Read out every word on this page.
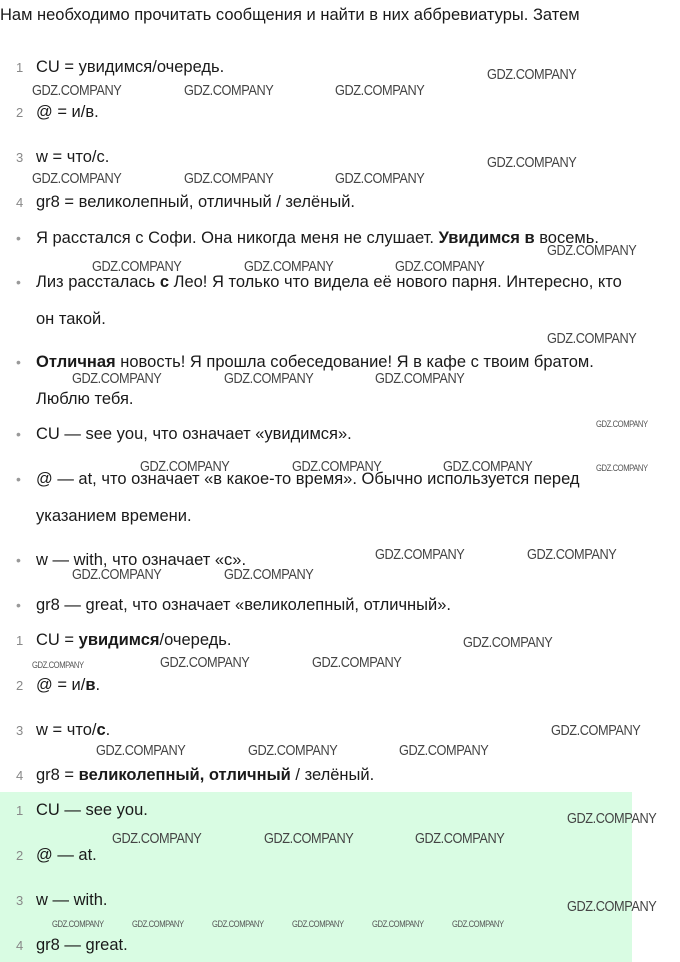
Нам необходимо прочитать сообщения и найти в них аббревиатуры. Затем
1 CU = увидимся/очередь.
2 @ = и/в.
3 w = что/с.
4 gr8 = великолепный, отличный / зелёный.
• Я расстался с Софи. Она никогда меня не слушает. Увидимся в восемь.
• Лиз рассталась с Лео! Я только что видела её нового парня. Интересно, кто
он такой.
• Отличная новость! Я прошла собеседование! Я в кафе с твоим братом.
Люблю тебя.
• CU — see you, что означает «увидимся».
• @ — at, что означает «в какое-то время». Обычно используется перед
указанием времени.
• w — with, что означает «с».
• gr8 — great, что означает «великолепный, отличный».
1 CU = увидимся/очередь.
2 @ = и/в.
3 w = что/с.
4 gr8 = великолепный, отличный / зелёный.
1 CU — see you.
2 @ — at.
3 w — with.
4 gr8 — great.
GDZ.COMPANY
GDZ.COMPANY	GDZ.COMPANY	GDZ.COMPANY
GDZ.COMPANY
GDZ.COMPANY	GDZ.COMPANY	GDZ.COMPANY
GDZ.COMPANY
GDZ.COMPANY	GDZ.COMPANY	GDZ.COMPANY
GDZ.COMPANY
GDZ.COMPANY	GDZ.COMPANY	GDZ.COMPANY
GDZ.COMPANY
GDZ.COMPANY	GDZ.COMPANY	GDZ.COMPANY	GDZ.COMPANY
GDZ.COMPANY	GDZ.COMPANY
GDZ.COMPANY	GDZ.COMPANY
GDZ.COMPANY
GDZ.COMPANY	GDZ.COMPANY	GDZ.COMPANY
GDZ.COMPANY
GDZ.COMPANY	GDZ.COMPANY	GDZ.COMPANY
GDZ.COMPANY
GDZ.COMPANY	GDZ.COMPANY	GDZ.COMPANY
GDZ.COMPANY
GDZ.COMPANY	GDZ.COMPANY	GDZ.COMPANY	GDZ.COMPANY	GDZ.COMPANY	GDZ.COMPANY
